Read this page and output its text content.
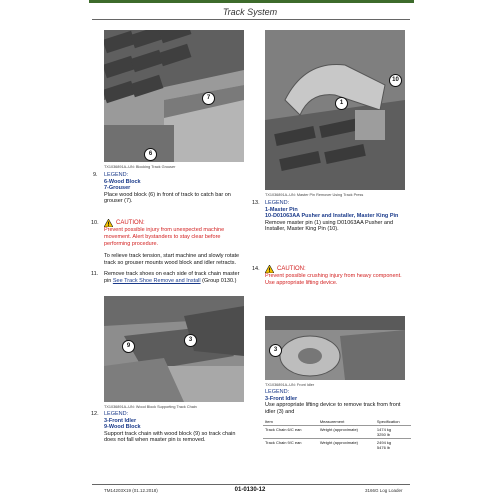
Track System
7
6
TX1036891A–UN: Blocking Track Grouser
9. LEGEND:
6-Wood Block
7-Grouser
Place wood block (6) in front of track to catch bar on grouser (7).
10.	CAUTION:
Prevent possible injury from unexpected machine movement. Alert bystanders to stay clear before performing procedure.
To relieve track tension, start machine and slowly rotate track so grouser mounts wood block and idler retracts.
11. Remove track shoes on each side of track chain master pin See Track Shoe Remove and Install (Group 0130.)
9
3
TX1036891A–UN: Wood Block Supporting Track Chain
12. LEGEND:
3-Front Idler
9-Wood Block
Support track chain with wood block (9) so track chain does not fall when master pin is removed.
10
1
TX1036891A–UN: Master Pin Remover Using Track Press
13. LEGEND:
1-Master Pin
10-D01063AA Pusher and Installer, Master King Pin
Remove master pin (1) using D01063AA Pusher and Installer, Master King Pin (10).
14.	CAUTION:
Prevent possible crushing injury from heavy component. Use appropriate lifting device.
3
TX1036891A–UN: Front Idler
LEGEND:
3-Front Idler
Use appropriate lifting device to remove track from front idler (3) and
Item	Measurement	Specification
Track Chain 6/C ean	Weight (approximate)	1474 kg
3250 lb
Track Chain 9/C ean	Weight (approximate)	2494 kg
5476 lb
TM14203X19 (01.12.2018)	01-0130-12	3166G Log Loader
